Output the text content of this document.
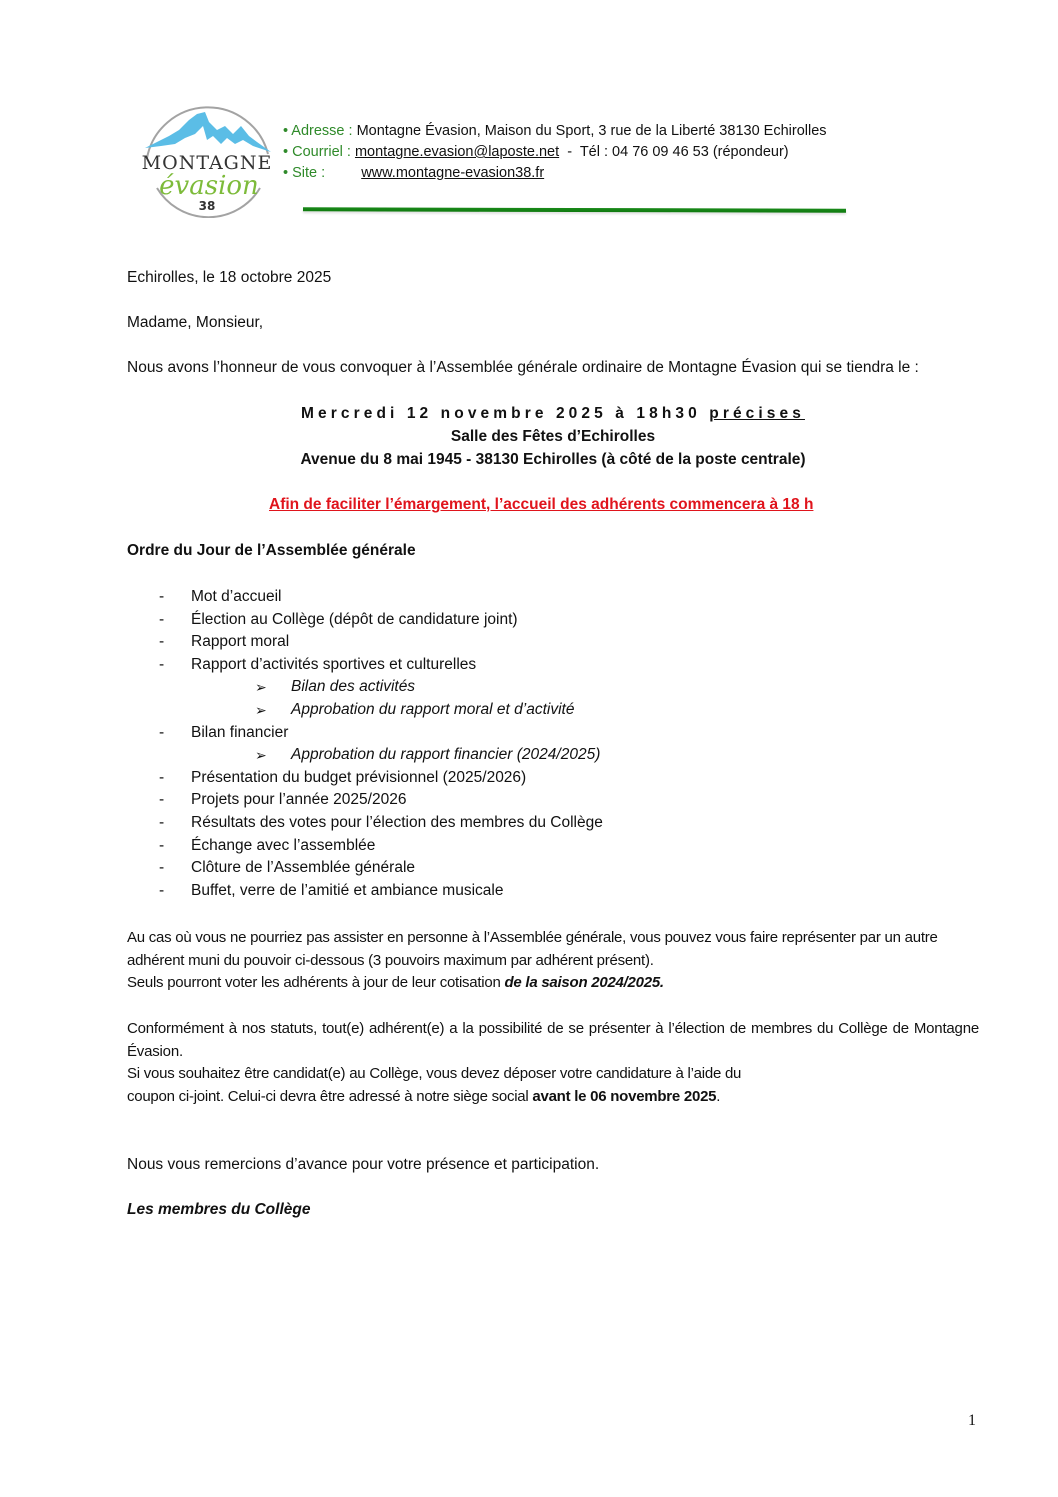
MONTAGNE
évasion
38
• Adresse : Montagne Évasion, Maison du Sport, 3 rue de la Liberté 38130 Echirolles
• Courriel : montagne.evasion@laposte.net  -  Tél : 04 76 09 46 53 (répondeur)
• Site : www.montagne-evasion38.fr
Echirolles, le 18 octobre 2025
Madame, Monsieur,
Nous avons l’honneur de vous convoquer à l’Assemblée générale ordinaire de Montagne Évasion qui se tiendra le :
Mercredi 12 novembre 2025 à 18h30 précises
Salle des Fêtes d’Echirolles
Avenue du 8 mai 1945 - 38130 Echirolles (à côté de la poste centrale)
Afin de faciliter l’émargement, l’accueil des adhérents commencera à 18 h
Ordre du Jour de l’Assemblée générale
- Mot d’accueil
- Élection au Collège (dépôt de candidature joint)
- Rapport moral
- Rapport d’activités sportives et culturelles
➢ Bilan des activités
➢ Approbation du rapport moral et d’activité
- Bilan financier
➢ Approbation du rapport financier (2024/2025)
- Présentation du budget prévisionnel (2025/2026)
- Projets pour l’année 2025/2026
- Résultats des votes pour l’élection des membres du Collège
- Échange avec l’assemblée
- Clôture de l’Assemblée générale
- Buffet, verre de l’amitié et ambiance musicale
Au cas où vous ne pourriez pas assister en personne à l’Assemblée générale, vous pouvez vous faire représenter par un autre adhérent muni du pouvoir ci-dessous (3 pouvoirs maximum par adhérent présent).
Seuls pourront voter les adhérents à jour de leur cotisation de la saison 2024/2025.
Conformément à nos statuts, tout(e) adhérent(e) a la possibilité de se présenter à l’élection de membres du Collège de Montagne Évasion.
Si vous souhaitez être candidat(e) au Collège, vous devez déposer votre candidature à l’aide du
coupon ci-joint. Celui-ci devra être adressé à notre siège social avant le 06 novembre 2025.
Nous vous remercions d’avance pour votre présence et participation.
Les membres du Collège
1
